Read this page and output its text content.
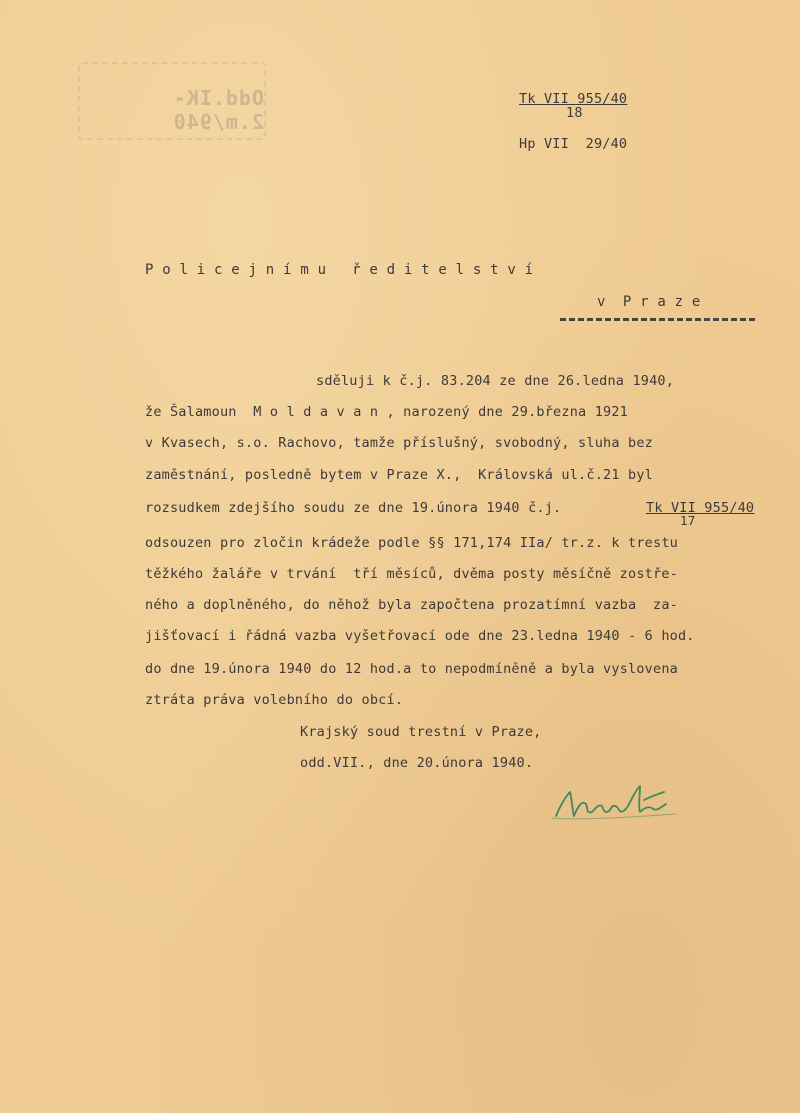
Odd.IK-2.m/940
Tk VII 955/40
18
Hp VII  29/40
P o l i c e j n í m u   ř e d i t e l s t v í
v  P r a z e
sděluji k č.j. 83.204 ze dne 26.ledna 1940,
že Šalamoun  M o l d a v a n , narozený dne 29.března 1921
v Kvasech, s.o. Rachovo, tamže příslušný, svobodný, sluha bez
zaměstnání, posledně bytem v Praze X.,  Královská ul.č.21 byl
rozsudkem zdejšího soudu ze dne 19.února 1940 č.j.	Tk VII 955/40
17
odsouzen pro zločin krádeže podle §§ 171,174 IIa/ tr.z. k trestu
těžkého žaláře v trvání  tří měsíců, dvěma posty měsíčně zostře-
ného a doplněného, do něhož byla započtena prozatímní vazba  za-
jišťovací i řádná vazba vyšetřovací ode dne 23.ledna 1940 - 6 hod.
do dne 19.února 1940 do 12 hod.a to nepodmíněně a byla vyslovena
ztráta práva volebního do obcí.
Krajský soud trestní v Praze,
odd.VII., dne 20.února 1940.
